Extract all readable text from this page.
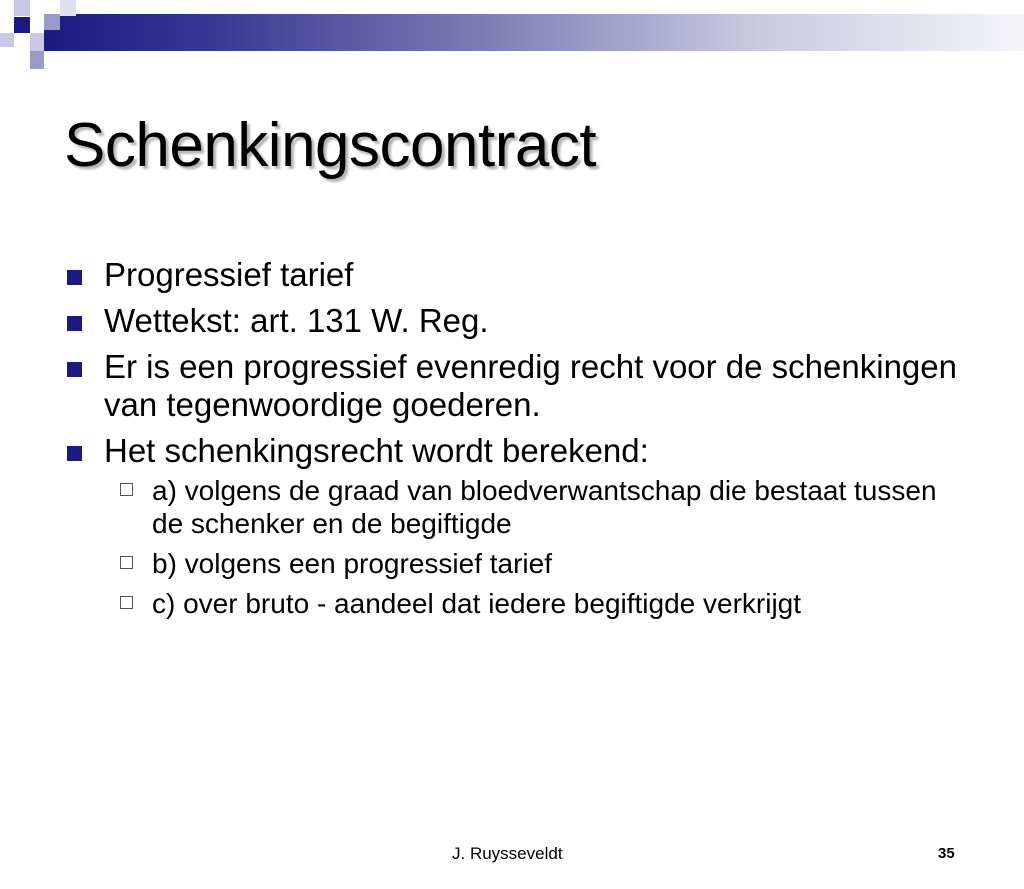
Schenkingscontract
Progressief tarief
Wettekst: art. 131 W. Reg.
Er is een progressief evenredig recht voor de schenkingen van tegenwoordige goederen.
Het schenkingsrecht wordt berekend:
a) volgens de graad van bloedverwantschap die bestaat tussen de schenker en de begiftigde
b) volgens een progressief tarief
c) over bruto - aandeel dat iedere begiftigde verkrijgt
J. Ruysseveldt	35
